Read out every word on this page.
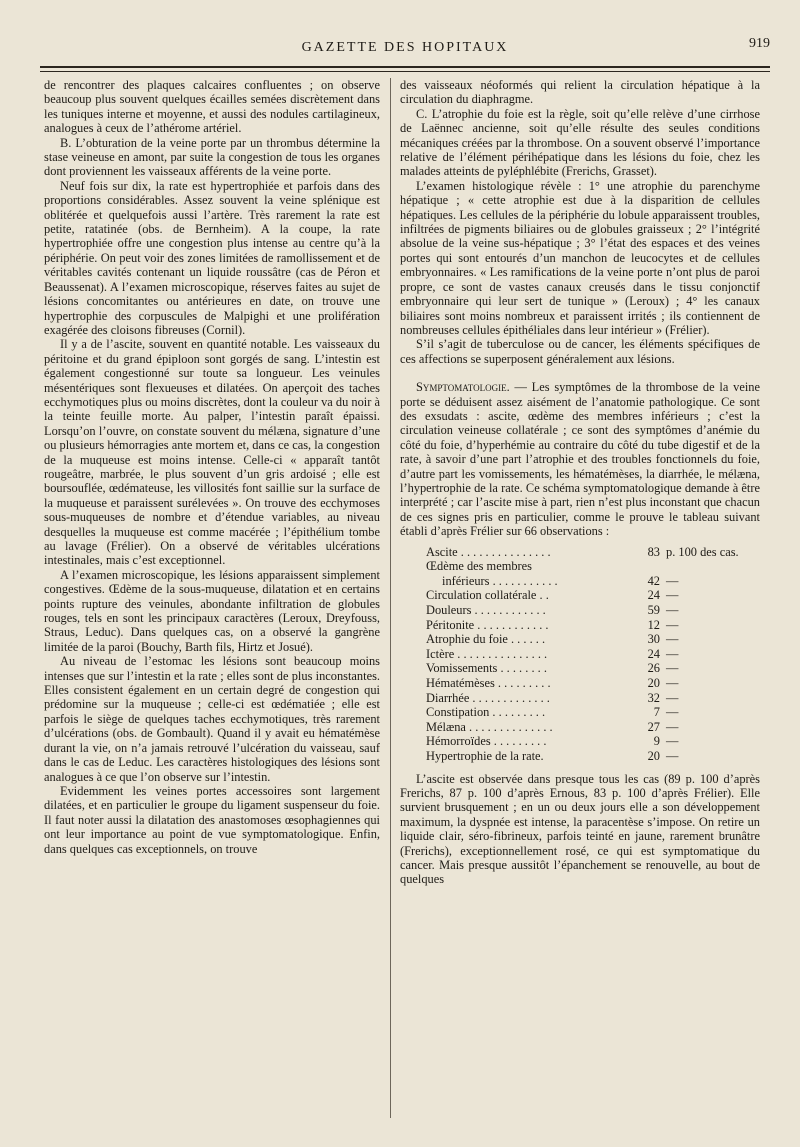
GAZETTE DES HOPITAUX	919

de rencontrer des plaques calcaires confluentes ; on observe beaucoup plus souvent quelques écailles semées discrètement dans les tuniques interne et moyenne, et aussi des nodules cartilagineux, analogues à ceux de l’athérome artériel.

B. L’obturation de la veine porte par un thrombus détermine la stase veineuse en amont, par suite la congestion de tous les organes dont proviennent les vaisseaux afférents de la veine porte.

Neuf fois sur dix, la rate est hypertrophiée et parfois dans des proportions considérables. Assez souvent la veine splénique est oblitérée et quelquefois aussi l’artère. Très rarement la rate est petite, ratatinée (obs. de Bernheim). A la coupe, la rate hypertrophiée offre une congestion plus intense au centre qu’à la périphérie. On peut voir des zones limitées de ramollissement et de véritables cavités contenant un liquide roussâtre (cas de Péron et Beaussenat). A l’examen microscopique, réserves faites au sujet de lésions concomitantes ou antérieures en date, on trouve une hypertrophie des corpuscules de Malpighi et une prolifération exagérée des cloisons fibreuses (Cornil).

Il y a de l’ascite, souvent en quantité notable. Les vaisseaux du péritoine et du grand épiploon sont gorgés de sang. L’intestin est également congestionné sur toute sa longueur. Les veinules mésentériques sont flexueuses et dilatées. On aperçoit des taches ecchymotiques plus ou moins discrètes, dont la couleur va du noir à la teinte feuille morte. Au palper, l’intestin paraît épaissi. Lorsqu’on l’ouvre, on constate souvent du mélæna, signature d’une ou plusieurs hémorragies ante mortem et, dans ce cas, la congestion de la muqueuse est moins intense. Celle-ci « apparaît tantôt rougeâtre, marbrée, le plus souvent d’un gris ardoisé ; elle est boursouflée, œdémateuse, les villosités font saillie sur la surface de la muqueuse et paraissent surélevées ». On trouve des ecchymoses sous-muqueuses de nombre et d’étendue variables, au niveau desquelles la muqueuse est comme macérée ; l’épithélium tombe au lavage (Frélier). On a observé de véritables ulcérations intestinales, mais c’est exceptionnel.

A l’examen microscopique, les lésions apparaissent simplement congestives. Œdème de la sous-muqueuse, dilatation et en certains points rupture des veinules, abondante infiltration de globules rouges, tels en sont les principaux caractères (Leroux, Dreyfouss, Straus, Leduc). Dans quelques cas, on a observé la gangrène limitée de la paroi (Bouchy, Barth fils, Hirtz et Josué).

Au niveau de l’estomac les lésions sont beaucoup moins intenses que sur l’intestin et la rate ; elles sont de plus inconstantes. Elles consistent également en un certain degré de congestion qui prédomine sur la muqueuse ; celle-ci est œdématiée ; elle est parfois le siège de quelques taches ecchymotiques, très rarement d’ulcérations (obs. de Gombault). Quand il y avait eu hématémèse durant la vie, on n’a jamais retrouvé l’ulcération du vaisseau, sauf dans le cas de Leduc. Les caractères histologiques des lésions sont analogues à ce que l’on observe sur l’intestin.

Evidemment les veines portes accessoires sont largement dilatées, et en particulier le groupe du ligament suspenseur du foie. Il faut noter aussi la dilatation des anastomoses œsophagiennes qui ont leur importance au point de vue symptomatologique. Enfin, dans quelques cas exceptionnels, on trouve

des vaisseaux néoformés qui relient la circulation hépatique à la circulation du diaphragme.

C. L’atrophie du foie est la règle, soit qu’elle relève d’une cirrhose de Laënnec ancienne, soit qu’elle résulte des seules conditions mécaniques créées par la thrombose. On a souvent observé l’importance relative de l’élément périhépatique dans les lésions du foie, chez les malades atteints de pyléphlébite (Frerichs, Grasset).

L’examen histologique révèle : 1° une atrophie du parenchyme hépatique ; « cette atrophie est due à la disparition de cellules hépatiques. Les cellules de la périphérie du lobule apparaissent troubles, infiltrées de pigments biliaires ou de globules graisseux ; 2° l’intégrité absolue de la veine sus-hépatique ; 3° l’état des espaces et des veines portes qui sont entourés d’un manchon de leucocytes et de cellules embryonnaires. « Les ramifications de la veine porte n’ont plus de paroi propre, ce sont de vastes canaux creusés dans le tissu conjonctif embryonnaire qui leur sert de tunique » (Leroux) ; 4° les canaux biliaires sont moins nombreux et paraissent irrités ; ils contiennent de nombreuses cellules épithéliales dans leur intérieur » (Frélier).

S’il s’agit de tuberculose ou de cancer, les éléments spécifiques de ces affections se superposent généralement aux lésions.

Symptomatologie. — Les symptômes de la thrombose de la veine porte se déduisent assez aisément de l’anatomie pathologique. Ce sont des exsudats : ascite, œdème des membres inférieurs ; c’est la circulation veineuse collatérale ; ce sont des symptômes d’anémie du côté du foie, d’hyperhémie au contraire du côté du tube digestif et de la rate, à savoir d’une part l’atrophie et des troubles fonctionnels du foie, d’autre part les vomissements, les hématémèses, la diarrhée, le mélæna, l’hypertrophie de la rate. Ce schéma symptomatologique demande à être interprété ; car l’ascite mise à part, rien n’est plus inconstant que chacun de ces signes pris en particulier, comme le prouve le tableau suivant établi d’après Frélier sur 66 observations :

Ascite . . . . . . . . . . . . . . .	83	p. 100 des cas.
Œdème des membres		
inférieurs . . . . . . . . . . .	42	—
Circulation collatérale . .	24	—
Douleurs . . . . . . . . . . . .	59	—
Péritonite . . . . . . . . . . . .	12	—
Atrophie du foie . . . . . .	30	—
Ictère . . . . . . . . . . . . . . .	24	—
Vomissements . . . . . . . .	26	—
Hématémèses . . . . . . . . .	20	—
Diarrhée . . . . . . . . . . . . .	32	—
Constipation . . . . . . . . .	7	—
Mélæna . . . . . . . . . . . . . .	27	—
Hémorroïdes . . . . . . . . .	9	—
Hypertrophie de la rate.	20	—

L’ascite est observée dans presque tous les cas (89 p. 100 d’après Frerichs, 87 p. 100 d’après Ernous, 83 p. 100 d’après Frélier). Elle survient brusquement ; en un ou deux jours elle a son développement maximum, la dyspnée est intense, la paracentèse s’impose. On retire un liquide clair, séro-fibrineux, parfois teinté en jaune, rarement brunâtre (Frerichs), exceptionnellement rosé, ce qui est symptomatique du cancer. Mais presque aussitôt l’épanchement se renouvelle, au bout de quelques
